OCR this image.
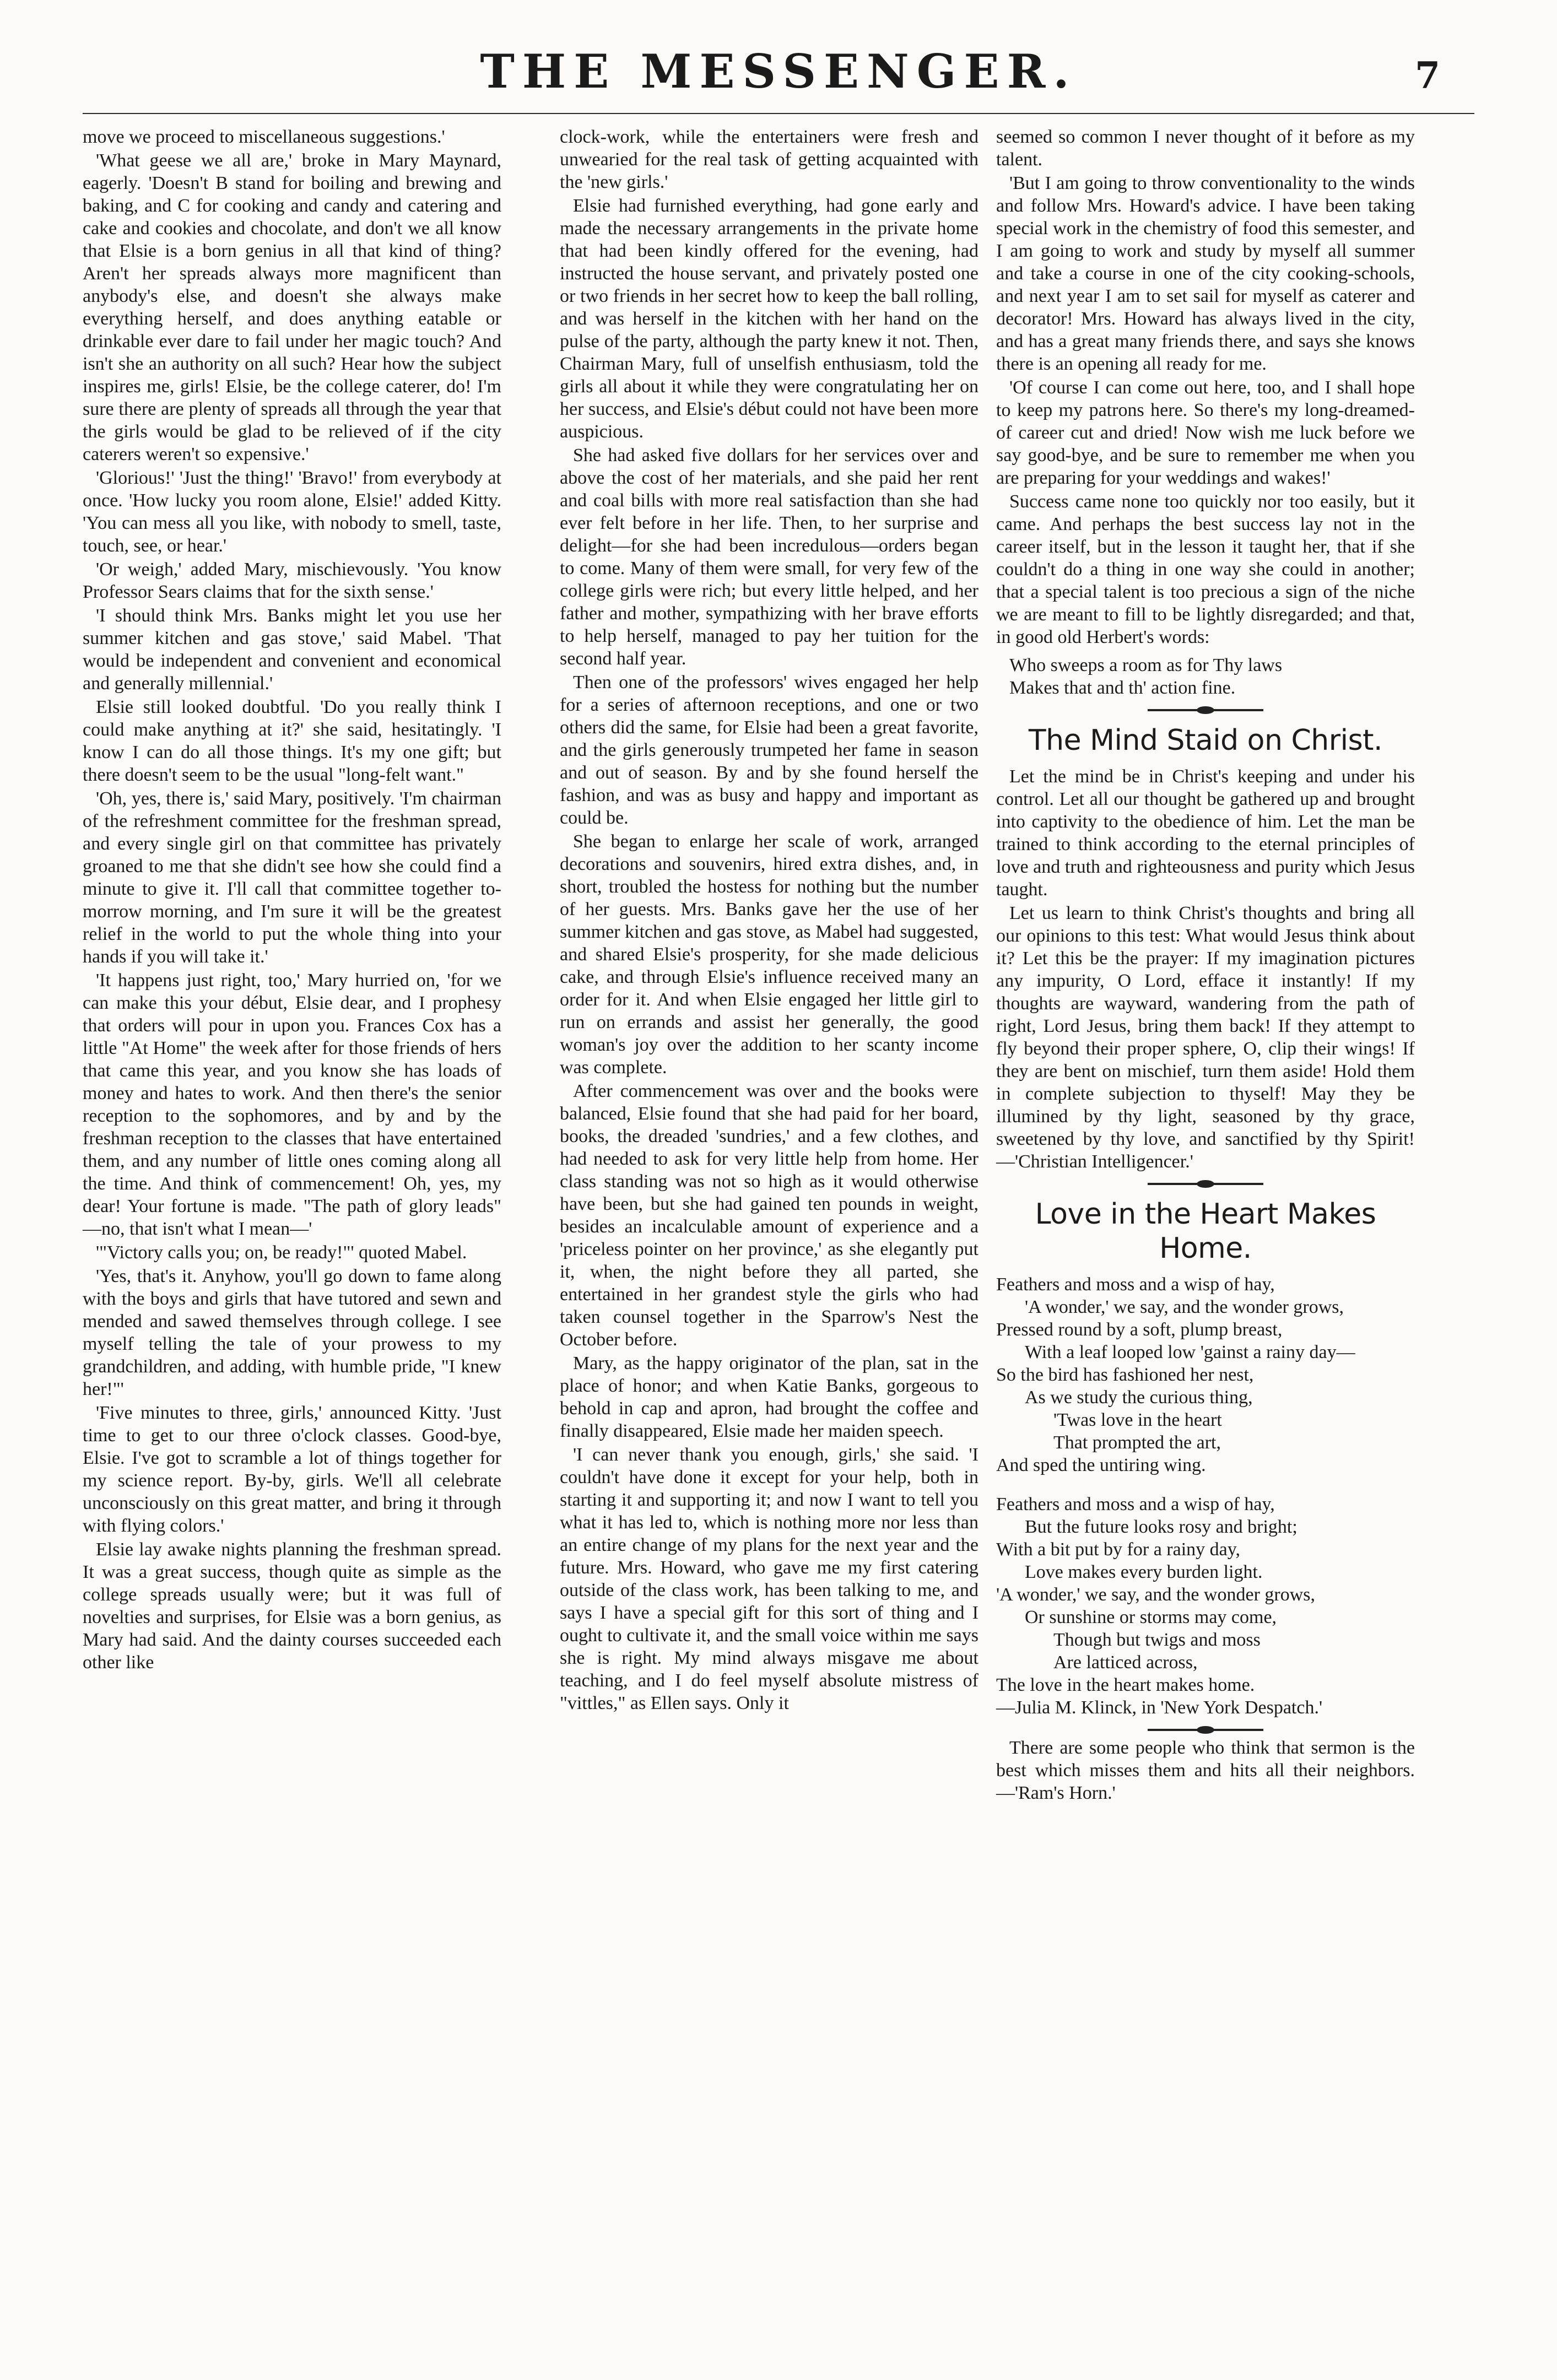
THE MESSENGER.	7

move we proceed to miscellaneous suggestions.'

'What geese we all are,' broke in Mary Maynard, eagerly. 'Doesn't B stand for boiling and brewing and baking, and C for cooking and candy and catering and cake and cookies and chocolate, and don't we all know that Elsie is a born genius in all that kind of thing? Aren't her spreads always more magnificent than anybody's else, and doesn't she always make everything herself, and does anything eatable or drinkable ever dare to fail under her magic touch? And isn't she an authority on all such? Hear how the subject inspires me, girls! Elsie, be the college caterer, do! I'm sure there are plenty of spreads all through the year that the girls would be glad to be relieved of if the city caterers weren't so expensive.'

'Glorious!' 'Just the thing!' 'Bravo!' from everybody at once. 'How lucky you room alone, Elsie!' added Kitty. 'You can mess all you like, with nobody to smell, taste, touch, see, or hear.'

'Or weigh,' added Mary, mischievously. 'You know Professor Sears claims that for the sixth sense.'

'I should think Mrs. Banks might let you use her summer kitchen and gas stove,' said Mabel. 'That would be independent and convenient and economical and generally millennial.'

Elsie still looked doubtful. 'Do you really think I could make anything at it?' she said, hesitatingly. 'I know I can do all those things. It's my one gift; but there doesn't seem to be the usual "long-felt want."

'Oh, yes, there is,' said Mary, positively. 'I'm chairman of the refreshment committee for the freshman spread, and every single girl on that committee has privately groaned to me that she didn't see how she could find a minute to give it. I'll call that committee together to-morrow morning, and I'm sure it will be the greatest relief in the world to put the whole thing into your hands if you will take it.'

'It happens just right, too,' Mary hurried on, 'for we can make this your début, Elsie dear, and I prophesy that orders will pour in upon you. Frances Cox has a little "At Home" the week after for those friends of hers that came this year, and you know she has loads of money and hates to work. And then there's the senior reception to the sophomores, and by and by the freshman reception to the classes that have entertained them, and any number of little ones coming along all the time. And think of commencement! Oh, yes, my dear! Your fortune is made. "The path of glory leads" —no, that isn't what I mean—'

'"Victory calls you; on, be ready!"' quoted Mabel.

'Yes, that's it. Anyhow, you'll go down to fame along with the boys and girls that have tutored and sewn and mended and sawed themselves through college. I see myself telling the tale of your prowess to my grandchildren, and adding, with humble pride, "I knew her!"'

'Five minutes to three, girls,' announced Kitty. 'Just time to get to our three o'clock classes. Good-bye, Elsie. I've got to scramble a lot of things together for my science report. By-by, girls. We'll all celebrate unconsciously on this great matter, and bring it through with flying colors.'

Elsie lay awake nights planning the freshman spread. It was a great success, though quite as simple as the college spreads usually were; but it was full of novelties and surprises, for Elsie was a born genius, as Mary had said. And the dainty courses succeeded each other like

clock-work, while the entertainers were fresh and unwearied for the real task of getting acquainted with the 'new girls.'

Elsie had furnished everything, had gone early and made the necessary arrangements in the private home that had been kindly offered for the evening, had instructed the house servant, and privately posted one or two friends in her secret how to keep the ball rolling, and was herself in the kitchen with her hand on the pulse of the party, although the party knew it not. Then, Chairman Mary, full of unselfish enthusiasm, told the girls all about it while they were congratulating her on her success, and Elsie's début could not have been more auspicious.

She had asked five dollars for her services over and above the cost of her materials, and she paid her rent and coal bills with more real satisfaction than she had ever felt before in her life. Then, to her surprise and delight—for she had been incredulous—orders began to come. Many of them were small, for very few of the college girls were rich; but every little helped, and her father and mother, sympathizing with her brave efforts to help herself, managed to pay her tuition for the second half year.

Then one of the professors' wives engaged her help for a series of afternoon receptions, and one or two others did the same, for Elsie had been a great favorite, and the girls generously trumpeted her fame in season and out of season. By and by she found herself the fashion, and was as busy and happy and important as could be.

She began to enlarge her scale of work, arranged decorations and souvenirs, hired extra dishes, and, in short, troubled the hostess for nothing but the number of her guests. Mrs. Banks gave her the use of her summer kitchen and gas stove, as Mabel had suggested, and shared Elsie's prosperity, for she made delicious cake, and through Elsie's influence received many an order for it. And when Elsie engaged her little girl to run on errands and assist her generally, the good woman's joy over the addition to her scanty income was complete.

After commencement was over and the books were balanced, Elsie found that she had paid for her board, books, the dreaded 'sundries,' and a few clothes, and had needed to ask for very little help from home. Her class standing was not so high as it would otherwise have been, but she had gained ten pounds in weight, besides an incalculable amount of experience and a 'priceless pointer on her province,' as she elegantly put it, when, the night before they all parted, she entertained in her grandest style the girls who had taken counsel together in the Sparrow's Nest the October before.

Mary, as the happy originator of the plan, sat in the place of honor; and when Katie Banks, gorgeous to behold in cap and apron, had brought the coffee and finally disappeared, Elsie made her maiden speech.

'I can never thank you enough, girls,' she said. 'I couldn't have done it except for your help, both in starting it and supporting it; and now I want to tell you what it has led to, which is nothing more nor less than an entire change of my plans for the next year and the future. Mrs. Howard, who gave me my first catering outside of the class work, has been talking to me, and says I have a special gift for this sort of thing and I ought to cultivate it, and the small voice within me says she is right. My mind always misgave me about teaching, and I do feel myself absolute mistress of "vittles," as Ellen says. Only it

seemed so common I never thought of it before as my talent.

'But I am going to throw conventionality to the winds and follow Mrs. Howard's advice. I have been taking special work in the chemistry of food this semester, and I am going to work and study by myself all summer and take a course in one of the city cooking-schools, and next year I am to set sail for myself as caterer and decorator! Mrs. Howard has always lived in the city, and has a great many friends there, and says she knows there is an opening all ready for me.

'Of course I can come out here, too, and I shall hope to keep my patrons here. So there's my long-dreamed-of career cut and dried! Now wish me luck before we say good-bye, and be sure to remember me when you are preparing for your weddings and wakes!'

Success came none too quickly nor too easily, but it came. And perhaps the best success lay not in the career itself, but in the lesson it taught her, that if she couldn't do a thing in one way she could in another; that a special talent is too precious a sign of the niche we are meant to fill to be lightly disregarded; and that, in good old Herbert's words:

Who sweeps a room as for Thy laws
Makes that and th' action fine.
The Mind Staid on Christ.

Let the mind be in Christ's keeping and under his control. Let all our thought be gathered up and brought into captivity to the obedience of him. Let the man be trained to think according to the eternal principles of love and truth and righteousness and purity which Jesus taught.

Let us learn to think Christ's thoughts and bring all our opinions to this test: What would Jesus think about it? Let this be the prayer: If my imagination pictures any impurity, O Lord, efface it instantly! If my thoughts are wayward, wandering from the path of right, Lord Jesus, bring them back! If they attempt to fly beyond their proper sphere, O, clip their wings! If they are bent on mischief, turn them aside! Hold them in complete subjection to thyself! May they be illumined by thy light, seasoned by thy grace, sweetened by thy love, and sanctified by thy Spirit!—'Christian Intelligencer.'

Love in the Heart Makes Home.
Feathers and moss and a wisp of hay,
'A wonder,' we say, and the wonder grows,
Pressed round by a soft, plump breast,
With a leaf looped low 'gainst a rainy day—
So the bird has fashioned her nest,
As we study the curious thing,
'Twas love in the heart
That prompted the art,
And sped the untiring wing.
Feathers and moss and a wisp of hay,
But the future looks rosy and bright;
With a bit put by for a rainy day,
Love makes every burden light.
'A wonder,' we say, and the wonder grows,
Or sunshine or storms may come,
Though but twigs and moss
Are latticed across,
The love in the heart makes home.
—Julia M. Klinck, in 'New York Despatch.'

There are some people who think that sermon is the best which misses them and hits all their neighbors.—'Ram's Horn.'
